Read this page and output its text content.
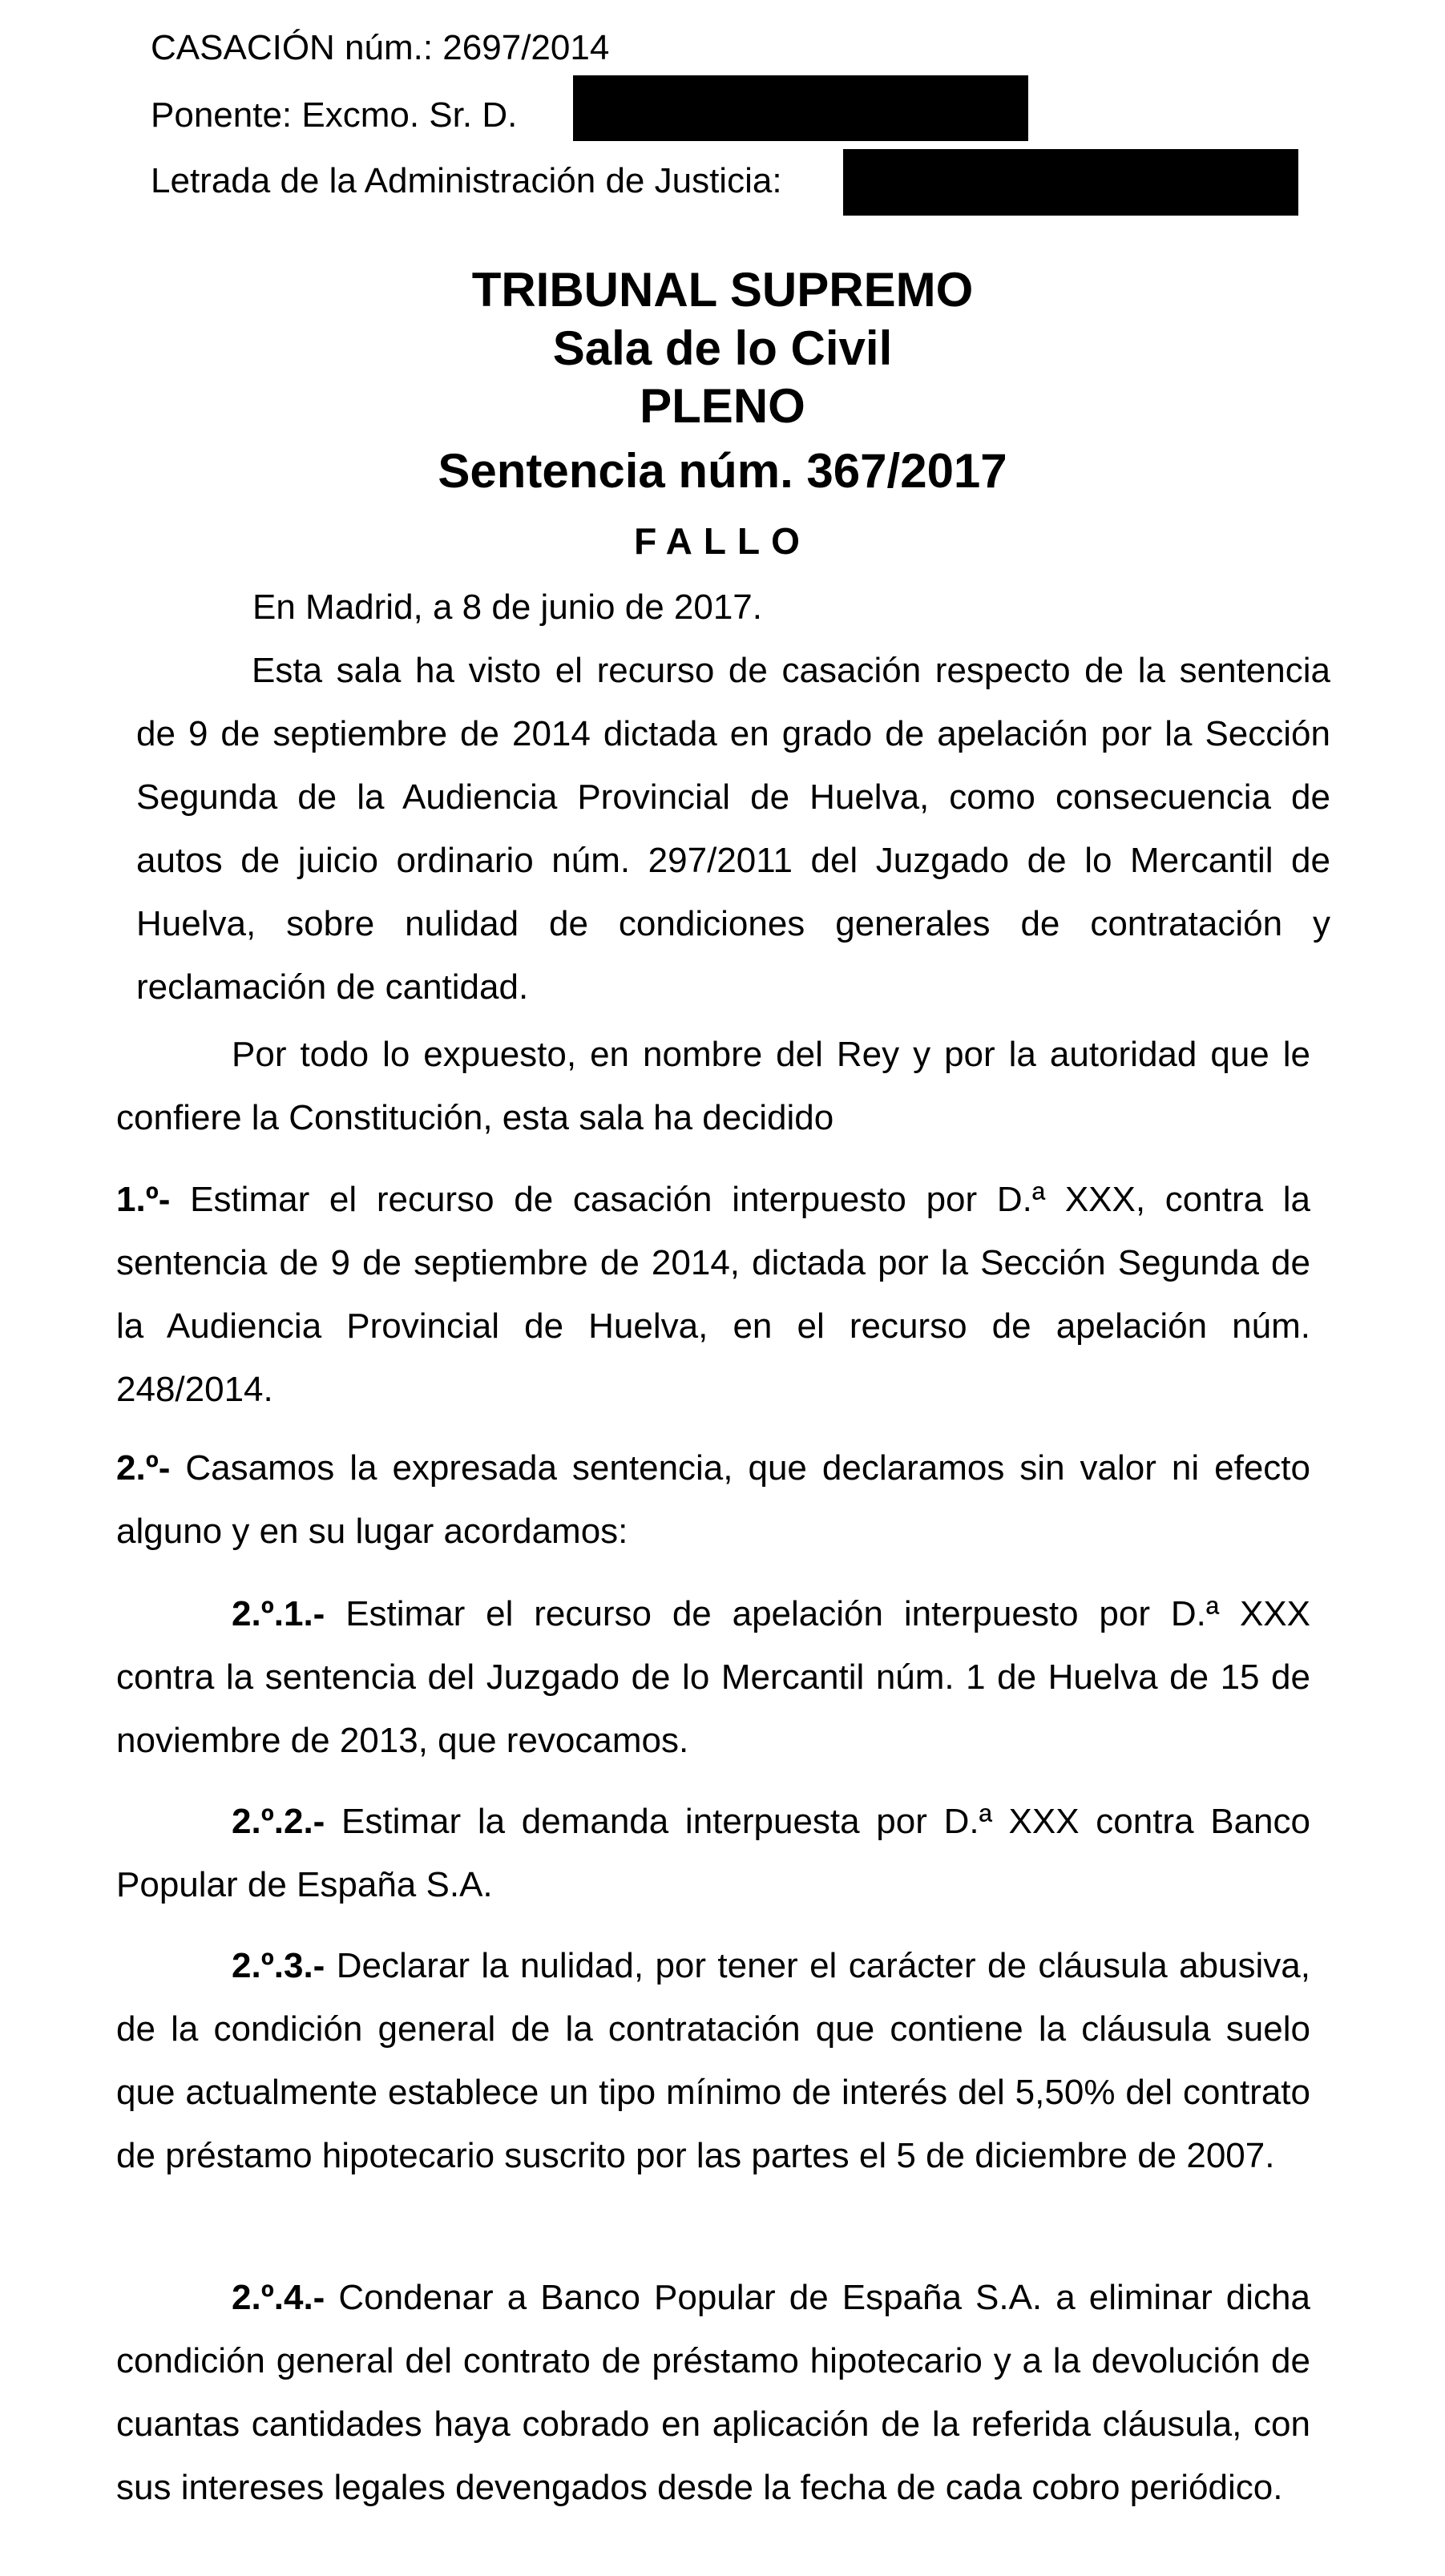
CASACIÓN núm.: 2697/2014
Ponente: Excmo. Sr. D.
Letrada de la Administración de Justicia:
TRIBUNAL SUPREMO
Sala de lo Civil
PLENO
Sentencia núm. 367/2017
FALLO
En Madrid, a 8 de junio de 2017.
Esta sala ha visto el recurso de casación respecto de la sentencia de 9 de septiembre de 2014 dictada en grado de apelación por la Sección Segunda de la Audiencia Provincial de Huelva, como consecuencia de autos de juicio ordinario núm. 297/2011 del Juzgado de lo Mercantil de Huelva, sobre nulidad de condiciones generales de contratación y reclamación de cantidad.
Por todo lo expuesto, en nombre del Rey y por la autoridad que le confiere la Constitución, esta sala ha decidido
1.º- Estimar el recurso de casación interpuesto por D.ª XXX, contra la sentencia de 9 de septiembre de 2014, dictada por la Sección Segunda de la Audiencia Provincial de Huelva, en el recurso de apelación núm. 248/2014.
2.º- Casamos la expresada sentencia, que declaramos sin valor ni efecto alguno y en su lugar acordamos:
2.º.1.- Estimar el recurso de apelación interpuesto por D.ª XXX contra la sentencia del Juzgado de lo Mercantil núm. 1 de Huelva de 15 de noviembre de 2013, que revocamos.
2.º.2.- Estimar la demanda interpuesta por D.ª XXX contra Banco Popular de España S.A.
2.º.3.- Declarar la nulidad, por tener el carácter de cláusula abusiva, de la condición general de la contratación que contiene la cláusula suelo que actualmente establece un tipo mínimo de interés del 5,50% del contrato de préstamo hipotecario suscrito por las partes el 5 de diciembre de 2007.
2.º.4.- Condenar a Banco Popular de España S.A. a eliminar dicha condición general del contrato de préstamo hipotecario y a la devolución de cuantas cantidades haya cobrado en aplicación de la referida cláusula, con sus intereses legales devengados desde la fecha de cada cobro periódico.
